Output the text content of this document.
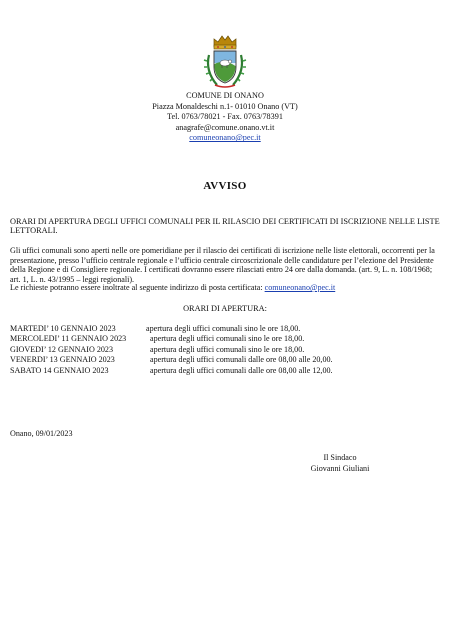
COMUNE DI ONANO
Piazza Monaldeschi n.1- 01010 Onano (VT)
Tel. 0763/78021 - Fax. 0763/78391
anagrafe@comune.onano.vt.it
comuneonano@pec.it
AVVISO
ORARI DI APERTURA DEGLI UFFICI COMUNALI PER IL RILASCIO DEI CERTIFICATI DI ISCRIZIONE NELLE LISTE LETTORALI.
Gli uffici comunali sono aperti nelle ore pomeridiane per il rilascio dei certificati di iscrizione nelle liste elettorali, occorrenti per la presentazione, presso l’ufficio centrale regionale e l’ufficio centrale circoscrizionale delle candidature per l’elezione del Presidente della Regione e di Consigliere regionale. I certificati dovranno essere rilasciati entro 24 ore dalla domanda. (art. 9, L. n. 108/1968; art. 1, L. n. 43/1995 – leggi regionali).
Le richieste potranno essere inoltrate al seguente indirizzo di posta certificata: comuneonano@pec.it
ORARI DI APERTURA:
MARTEDI’ 10 GENNAIO 2023	apertura degli uffici comunali sino le ore 18,00.
MERCOLEDI’ 11 GENNAIO 2023	apertura degli uffici comunali sino le ore 18,00.
GIOVEDI’ 12 GENNAIO 2023	apertura degli uffici comunali sino le ore 18,00.
VENERDI’ 13 GENNAIO 2023	apertura degli uffici comunali dalle ore 08,00 alle 20,00.
SABATO 14 GENNAIO 2023	apertura degli uffici comunali dalle ore 08,00 alle 12,00.
Onano, 09/01/2023
Il Sindaco
Giovanni Giuliani
